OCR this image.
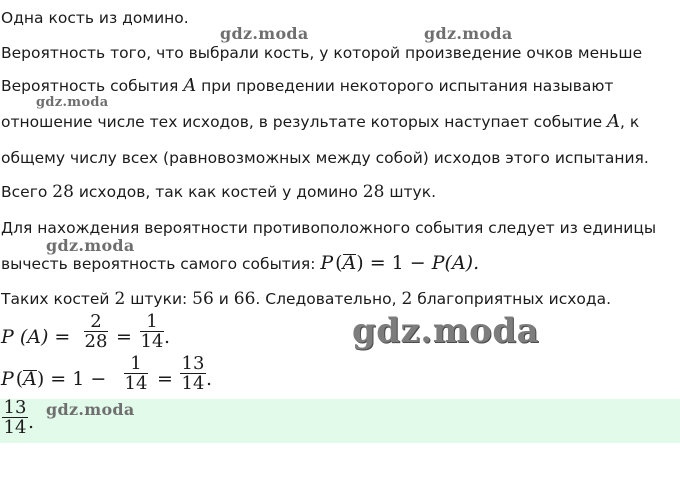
Одна кость из домино.
Вероятность того, что выбрали кость, у которой произведение очков меньше
Вероятность события A при проведении некоторого испытания называют
отношение числе тех исходов, в результате которых наступает событие A, к
общему числу всех (равновозможных между собой) исходов этого испытания.
Всего 28 исходов, так как костей у домино 28 штук.
Для нахождения вероятности противоположного события следует из единицы
вычесть вероятность самого события: P (A) = 1 − P(A).
Таких костей 2 штуки: 56 и 66. Следовательно, 2 благоприятных исхода.
P (A) =
2
28 =
1
14 .
P (A) = 1 −
1
14 =
13
14 .
13
14 .
gdz.moda	gdz.moda
gdz.moda
gdz.moda
gdz.moda
gdz.moda
